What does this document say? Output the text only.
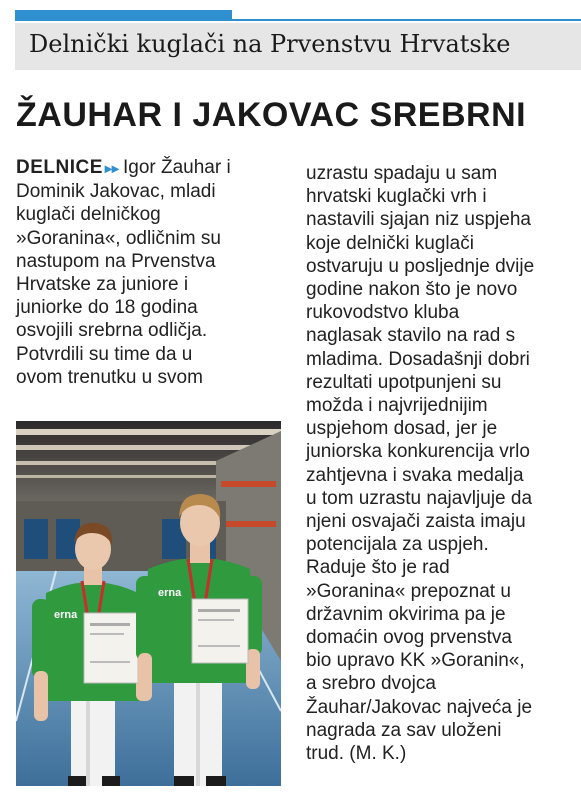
Delnički kuglači na Prvenstvu Hrvatske
ŽAUHAR I JAKOVAC SREBRNI
DELNICE ▸▸ Igor Žauhar i
Dominik Jakovac, mladi
kuglači delničkog
»Goranina«, odličnim su
nastupom na Prvenstva
Hrvatske za juniore i
juniorke do 18 godina
osvojili srebrna odličja.
Potvrdili su time da u
ovom trenutku u svom
uzrastu spadaju u sam
hrvatski kuglački vrh i
nastavili sjajan niz uspjeha
koje delnički kuglači
ostvaruju u posljednje dvije
godine nakon što je novo
rukovodstvo kluba
naglasak stavilo na rad s
mladima. Dosadašnji dobri
rezultati upotpunjeni su
možda i najvrijednijim
uspjehom dosad, jer je
juniorska konkurencija vrlo
zahtjevna i svaka medalja
u tom uzrastu najavljuje da
njeni osvajači zaista imaju
potencijala za uspjeh.
Raduje što je rad
»Goranina« prepoznat u
državnim okvirima pa je
domaćin ovog prvenstva
bio upravo KK »Goranin«,
a srebro dvojca
Žauhar/Jakovac najveća je
nagrada za sav uloženi
trud. (M. K.)
erna
erna
